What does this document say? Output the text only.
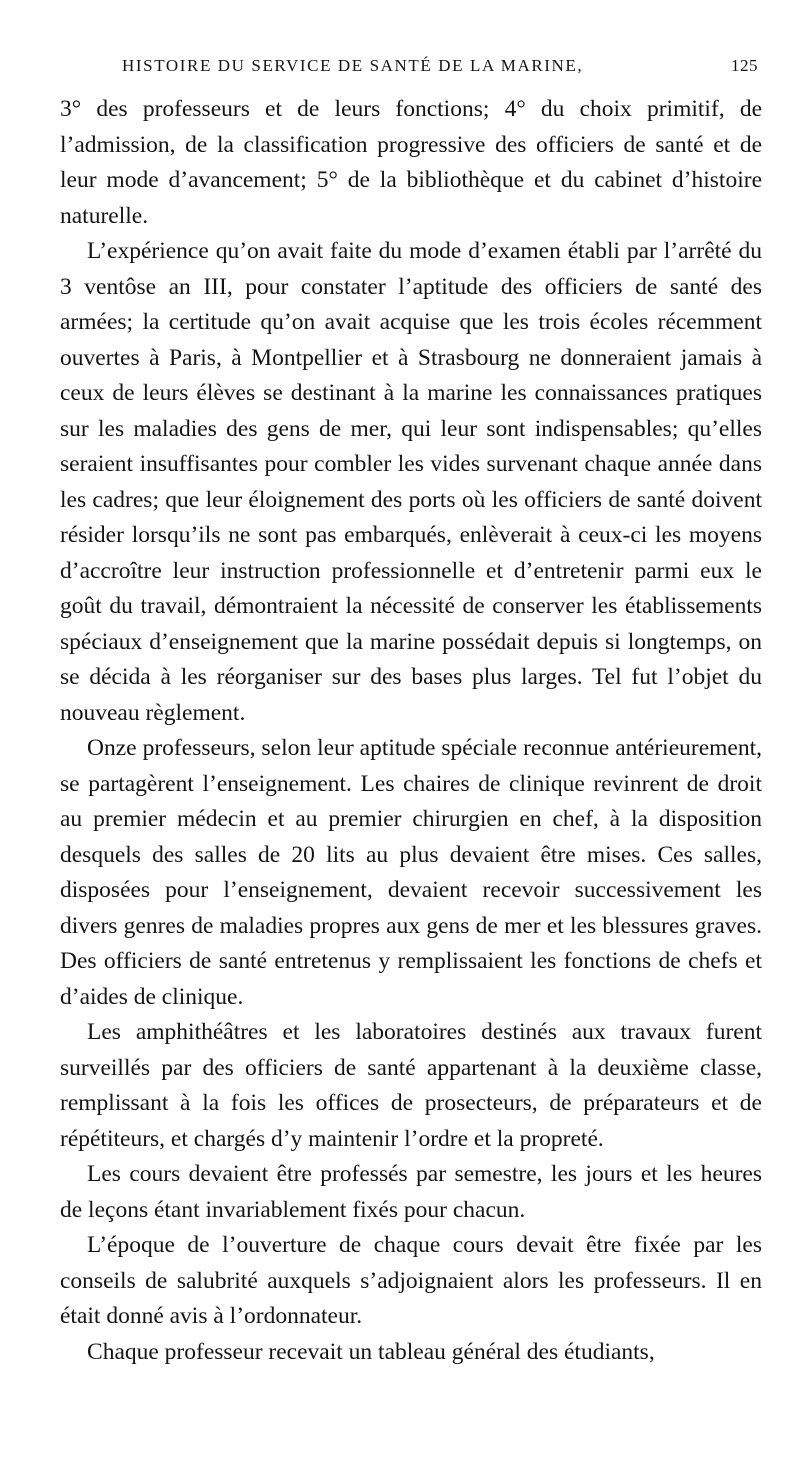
HISTOIRE DU SERVICE DE SANTÉ DE LA MARINE,	125

3° des professeurs et de leurs fonctions; 4° du choix primitif, de l’admission, de la classification progressive des officiers de santé et de leur mode d’avancement; 5° de la bibliothèque et du cabinet d’histoire naturelle.

L’expérience qu’on avait faite du mode d’examen établi par l’arrêté du 3 ventôse an III, pour constater l’aptitude des officiers de santé des armées; la certitude qu’on avait acquise que les trois écoles récemment ouvertes à Paris, à Montpellier et à Strasbourg ne donneraient jamais à ceux de leurs élèves se destinant à la marine les connaissances pratiques sur les maladies des gens de mer, qui leur sont indispensables; qu’elles seraient insuffisantes pour combler les vides survenant chaque année dans les cadres; que leur éloignement des ports où les officiers de santé doivent résider lorsqu’ils ne sont pas embarqués, enlèverait à ceux-ci les moyens d’accroître leur instruction professionnelle et d’entretenir parmi eux le goût du travail, démontraient la nécessité de conserver les établissements spéciaux d’enseignement que la marine possédait depuis si longtemps, on se décida à les réorganiser sur des bases plus larges. Tel fut l’objet du nouveau règlement.

Onze professeurs, selon leur aptitude spéciale reconnue antérieurement, se partagèrent l’enseignement. Les chaires de clinique revinrent de droit au premier médecin et au premier chirurgien en chef, à la disposition desquels des salles de 20 lits au plus devaient être mises. Ces salles, disposées pour l’enseignement, devaient recevoir successivement les divers genres de maladies propres aux gens de mer et les blessures graves. Des officiers de santé entretenus y remplissaient les fonctions de chefs et d’aides de clinique.

Les amphithéâtres et les laboratoires destinés aux travaux furent surveillés par des officiers de santé appartenant à la deuxième classe, remplissant à la fois les offices de prosecteurs, de préparateurs et de répétiteurs, et chargés d’y maintenir l’ordre et la propreté.

Les cours devaient être professés par semestre, les jours et les heures de leçons étant invariablement fixés pour chacun.

L’époque de l’ouverture de chaque cours devait être fixée par les conseils de salubrité auxquels s’adjoignaient alors les professeurs. Il en était donné avis à l’ordonnateur.

Chaque professeur recevait un tableau général des étudiants,
